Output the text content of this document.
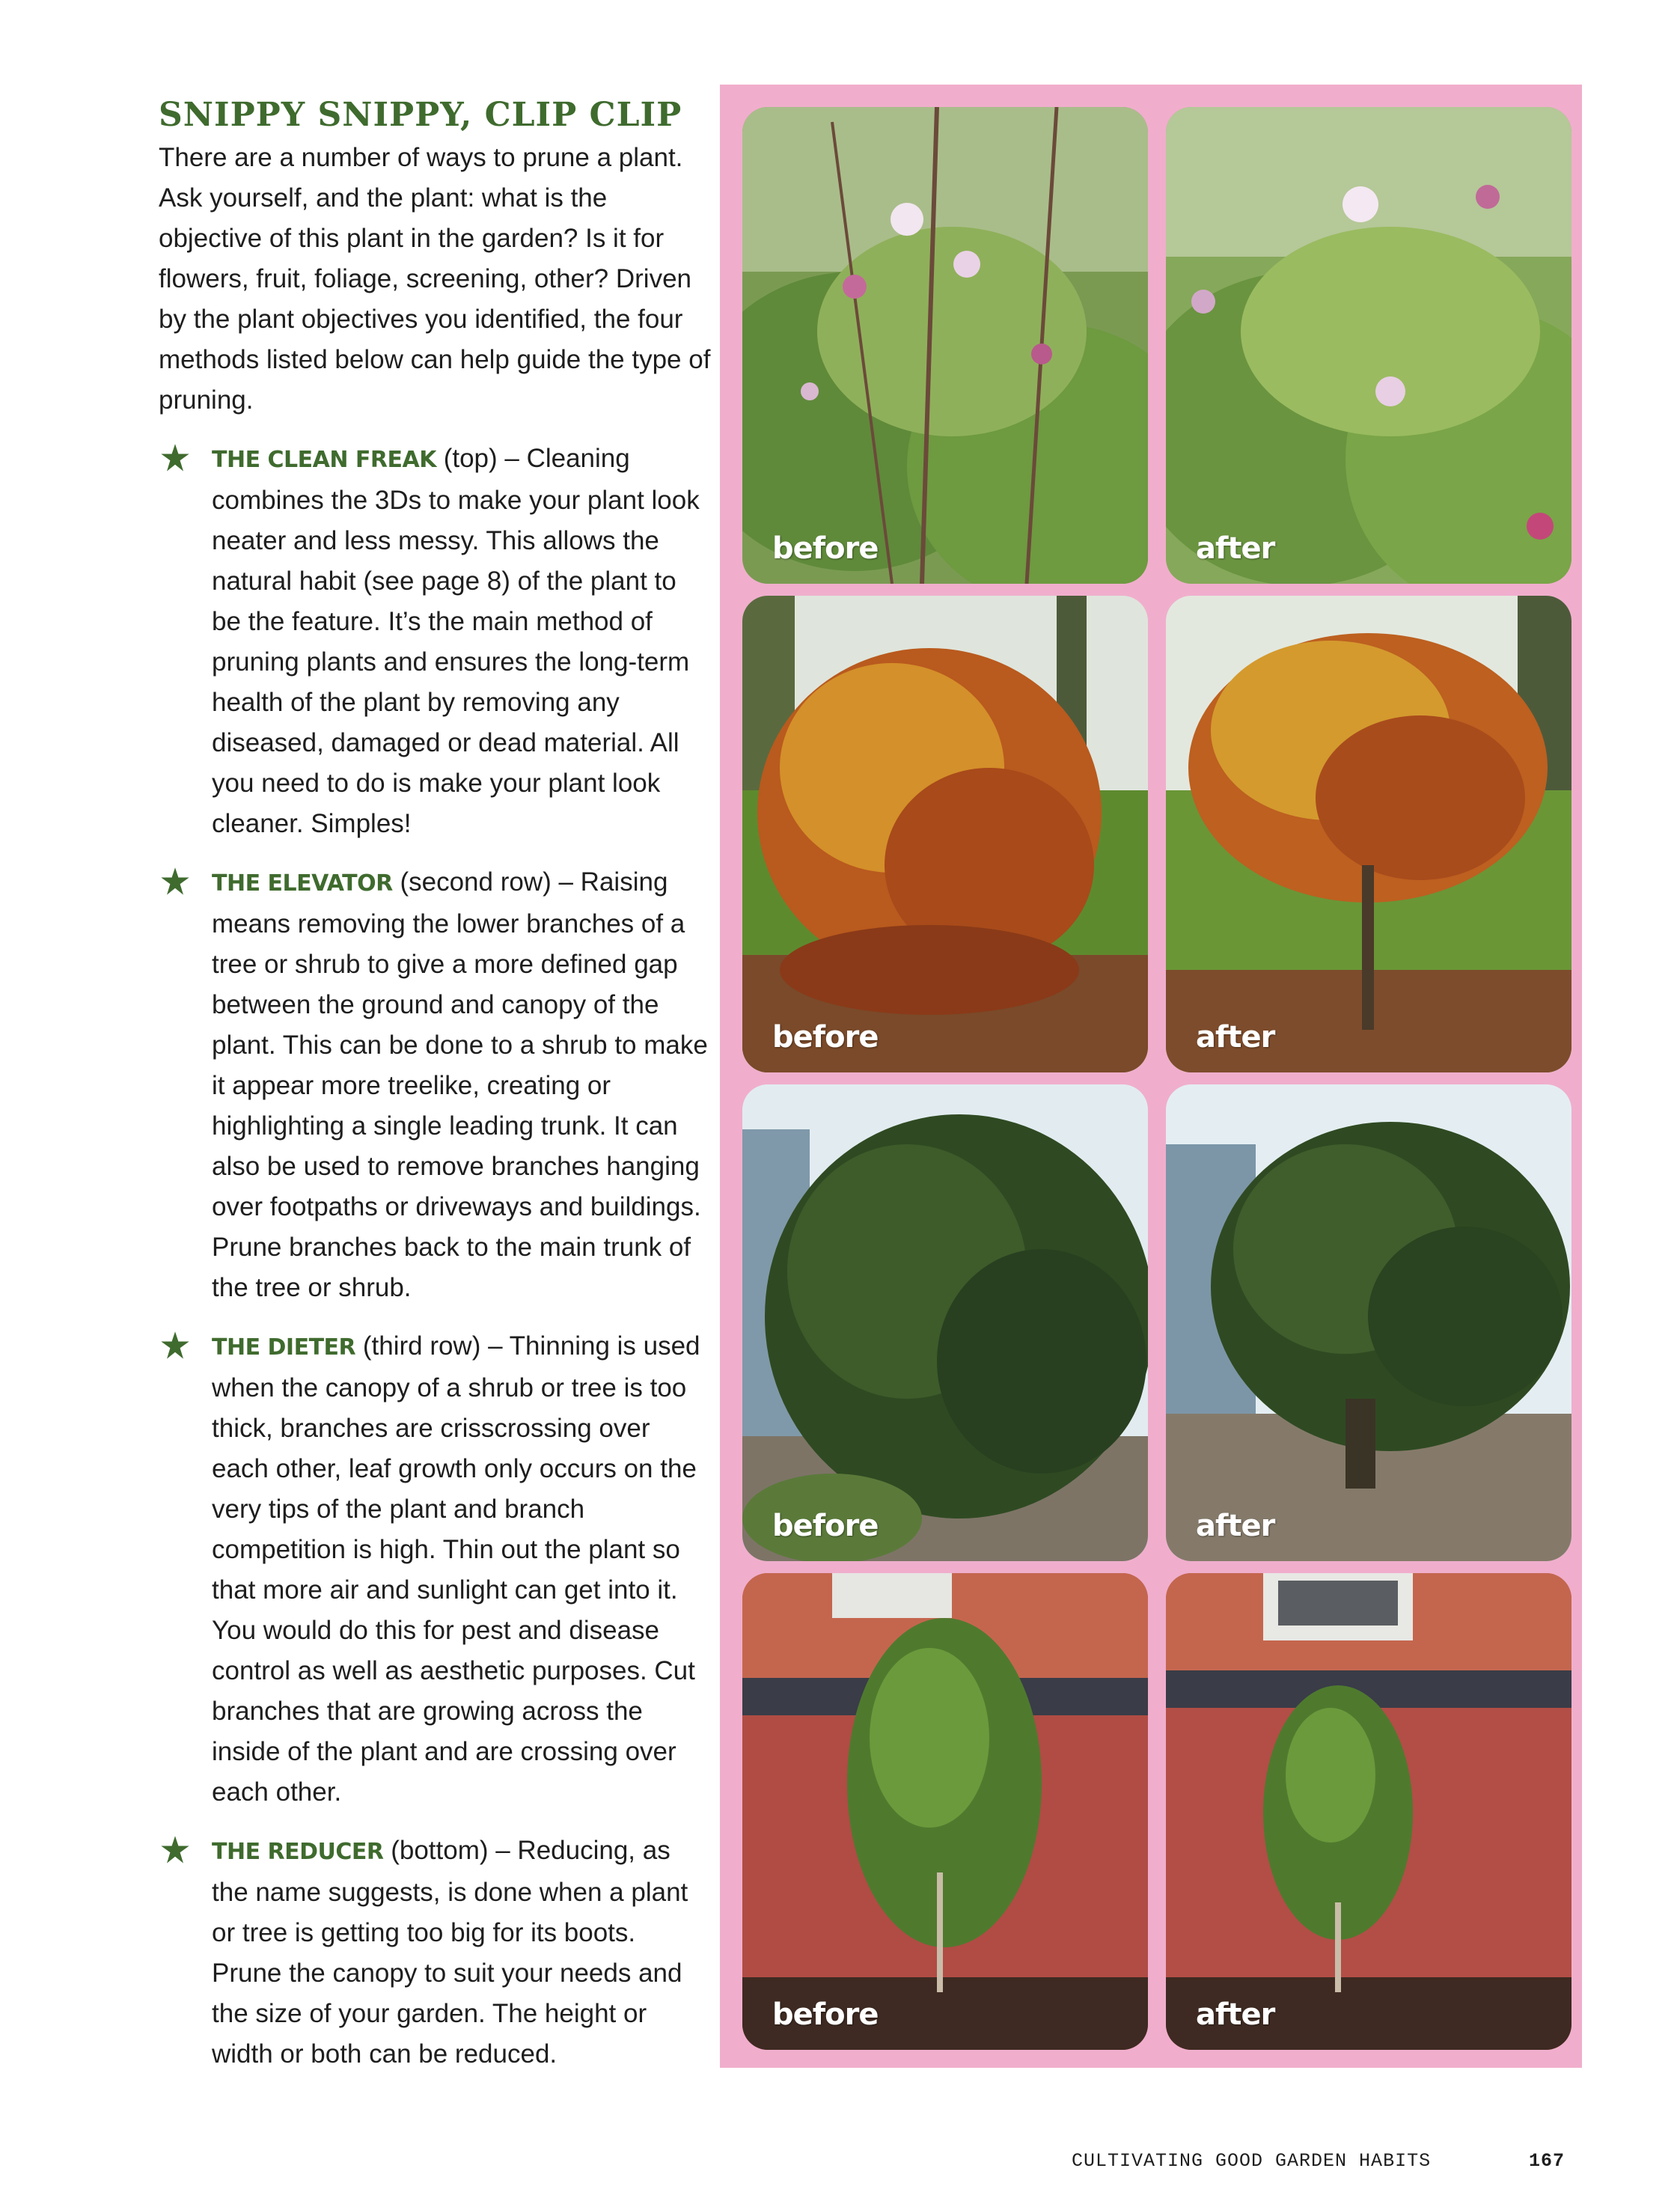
SNIPPY SNIPPY, CLIP CLIP

There are a number of ways to prune a plant. Ask yourself, and the plant: what is the objective of this plant in the garden? Is it for flowers, fruit, foliage, screening, other? Driven by the plant objectives you identified, the four methods listed below can help guide the type of pruning.

THE CLEAN FREAK (top) – Cleaning combines the 3Ds to make your plant look neater and less messy. This allows the natural habit (see page 8) of the plant to be the feature. It’s the main method of pruning plants and ensures the long-term health of the plant by removing any diseased, damaged or dead material. All you need to do is make your plant look cleaner. Simples!
THE ELEVATOR (second row) – Raising means removing the lower branches of a tree or shrub to give a more defined gap between the ground and canopy of the plant. This can be done to a shrub to make it appear more treelike, creating or highlighting a single leading trunk. It can also be used to remove branches hanging over footpaths or driveways and buildings. Prune branches back to the main trunk of the tree or shrub.
THE DIETER (third row) – Thinning is used when the canopy of a shrub or tree is too thick, branches are crisscrossing over each other, leaf growth only occurs on the very tips of the plant and branch competition is high. Thin out the plant so that more air and sunlight can get into it. You would do this for pest and disease control as well as aesthetic purposes. Cut branches that are growing across the inside of the plant and are crossing over each other.
THE REDUCER (bottom) – Reducing, as the name suggests, is done when a plant or tree is getting too big for its boots. Prune the canopy to suit your needs and the size of your garden. The height or width or both can be reduced.
before	after
before	after
before	after
before	after
CULTIVATING GOOD GARDEN HABITS	167
